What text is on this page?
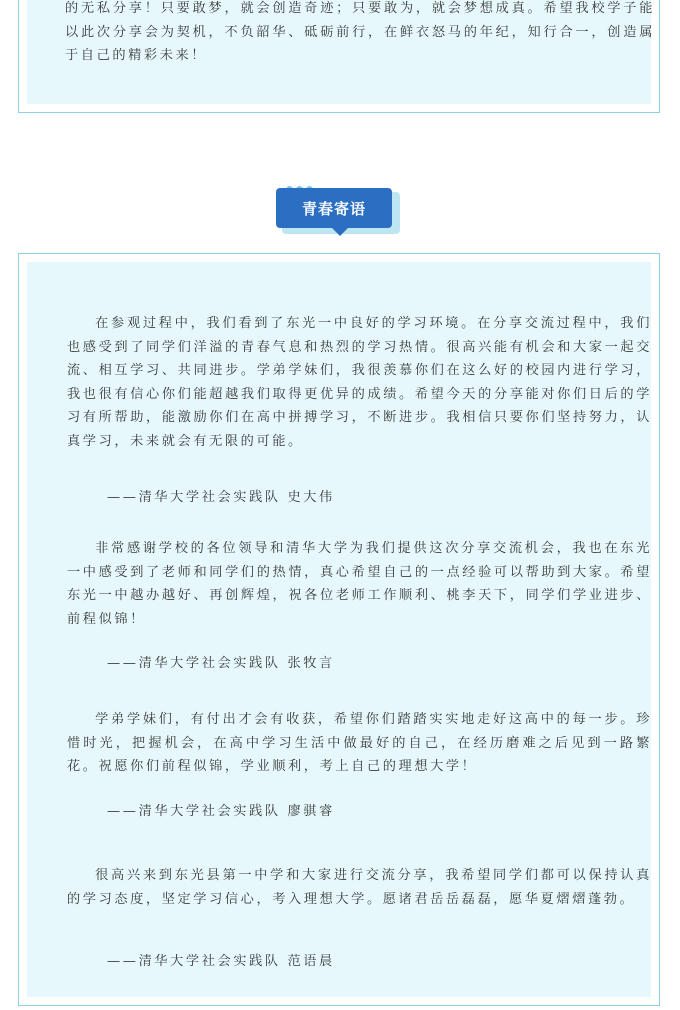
的无私分享！只要敢梦，就会创造奇迹；只要敢为，就会梦想成真。希望我校学子能以此次分享会为契机，不负韶华、砥砺前行，在鲜衣怒马的年纪，知行合一，创造属于自己的精彩未来！

青春寄语

在参观过程中，我们看到了东光一中良好的学习环境。在分享交流过程中，我们也感受到了同学们洋溢的青春气息和热烈的学习热情。很高兴能有机会和大家一起交流、相互学习、共同进步。学弟学妹们，我很羡慕你们在这么好的校园内进行学习，我也很有信心你们能超越我们取得更优异的成绩。希望今天的分享能对你们日后的学习有所帮助，能激励你们在高中拼搏学习，不断进步。我相信只要你们坚持努力，认真学习，未来就会有无限的可能。

——清华大学社会实践队 史大伟

非常感谢学校的各位领导和清华大学为我们提供这次分享交流机会，我也在东光一中感受到了老师和同学们的热情，真心希望自己的一点经验可以帮助到大家。希望东光一中越办越好、再创辉煌，祝各位老师工作顺利、桃李天下，同学们学业进步、前程似锦！

——清华大学社会实践队 张牧言

学弟学妹们，有付出才会有收获，希望你们踏踏实实地走好这高中的每一步。珍惜时光，把握机会，在高中学习生活中做最好的自己，在经历磨难之后见到一路繁花。祝愿你们前程似锦，学业顺利，考上自己的理想大学！

——清华大学社会实践队 廖骐睿

很高兴来到东光县第一中学和大家进行交流分享，我希望同学们都可以保持认真的学习态度，坚定学习信心，考入理想大学。愿诸君岳岳磊磊，愿华夏熠熠蓬勃。

——清华大学社会实践队 范语晨
